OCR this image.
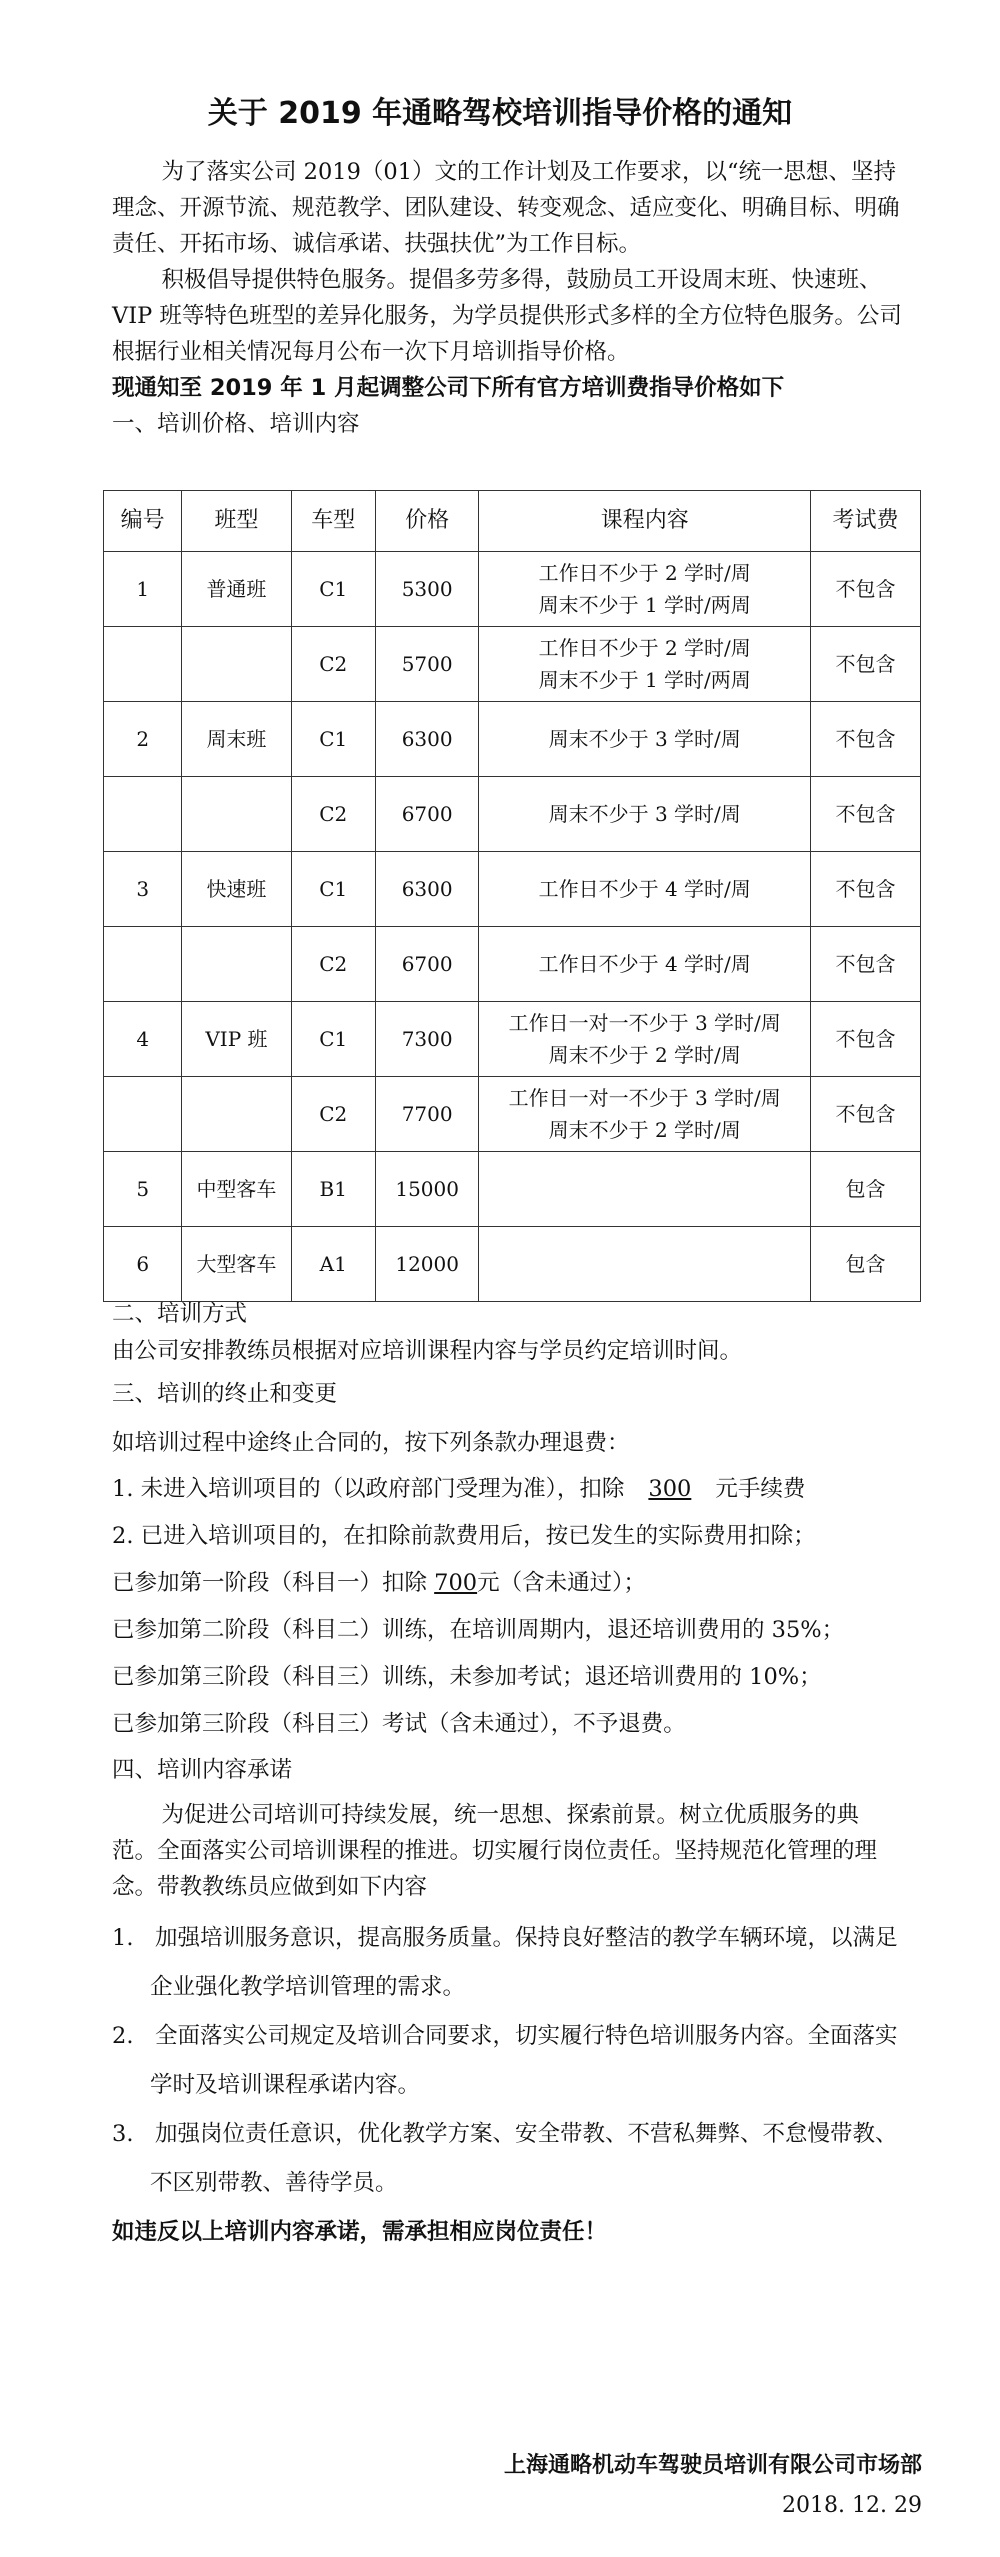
关于 2019 年通略驾校培训指导价格的通知

为了落实公司 2019（01）文的工作计划及工作要求，以“统一思想、坚持理念、开源节流、规范教学、团队建设、转变观念、适应变化、明确目标、明确责任、开拓市场、诚信承诺、扶强扶优”为工作目标。

积极倡导提供特色服务。提倡多劳多得，鼓励员工开设周末班、快速班、VIP 班等特色班型的差异化服务，为学员提供形式多样的全方位特色服务。公司根据行业相关情况每月公布一次下月培训指导价格。

现通知至 2019 年 1 月起调整公司下所有官方培训费指导价格如下
一、培训价格、培训内容
编号	班型	车型	价格	课程内容	考试费
1	普通班	C1	5300	工作日不少于 2 学时/周
周末不少于 1 学时/两周	不包含
		C2	5700	工作日不少于 2 学时/周
周末不少于 1 学时/两周	不包含
2	周末班	C1	6300	周末不少于 3 学时/周	不包含
		C2	6700	周末不少于 3 学时/周	不包含
3	快速班	C1	6300	工作日不少于 4 学时/周	不包含
		C2	6700	工作日不少于 4 学时/周	不包含
4	VIP 班	C1	7300	工作日一对一不少于 3 学时/周
周末不少于 2 学时/周	不包含
		C2	7700	工作日一对一不少于 3 学时/周
周末不少于 2 学时/周	不包含
5	中型客车	B1	15000		包含
6	大型客车	A1	12000		包含
二、培训方式
由公司安排教练员根据对应培训课程内容与学员约定培训时间。
三、培训的终止和变更
如培训过程中途终止合同的，按下列条款办理退费：
1. 未进入培训项目的（以政府部门受理为准），扣除 300 元手续费
2. 已进入培训项目的，在扣除前款费用后，按已发生的实际费用扣除；
已参加第一阶段（科目一）扣除 700元（含未通过）；
已参加第二阶段（科目二）训练，在培训周期内，退还培训费用的 35%；
已参加第三阶段（科目三）训练，未参加考试；退还培训费用的 10%；
已参加第三阶段（科目三）考试（含未通过），不予退费。
四、培训内容承诺

为促进公司培训可持续发展，统一思想、探索前景。树立优质服务的典范。全面落实公司培训课程的推进。切实履行岗位责任。坚持规范化管理的理念。带教教练员应做到如下内容

1. 加强培训服务意识，提高服务质量。保持良好整洁的教学车辆环境，以满足
企业强化教学培训管理的需求。
2. 全面落实公司规定及培训合同要求，切实履行特色培训服务内容。全面落实
学时及培训课程承诺内容。
3. 加强岗位责任意识，优化教学方案、安全带教、不营私舞弊、不怠慢带教、
不区别带教、善待学员。
如违反以上培训内容承诺，需承担相应岗位责任！
上海通略机动车驾驶员培训有限公司市场部
2018. 12. 29
